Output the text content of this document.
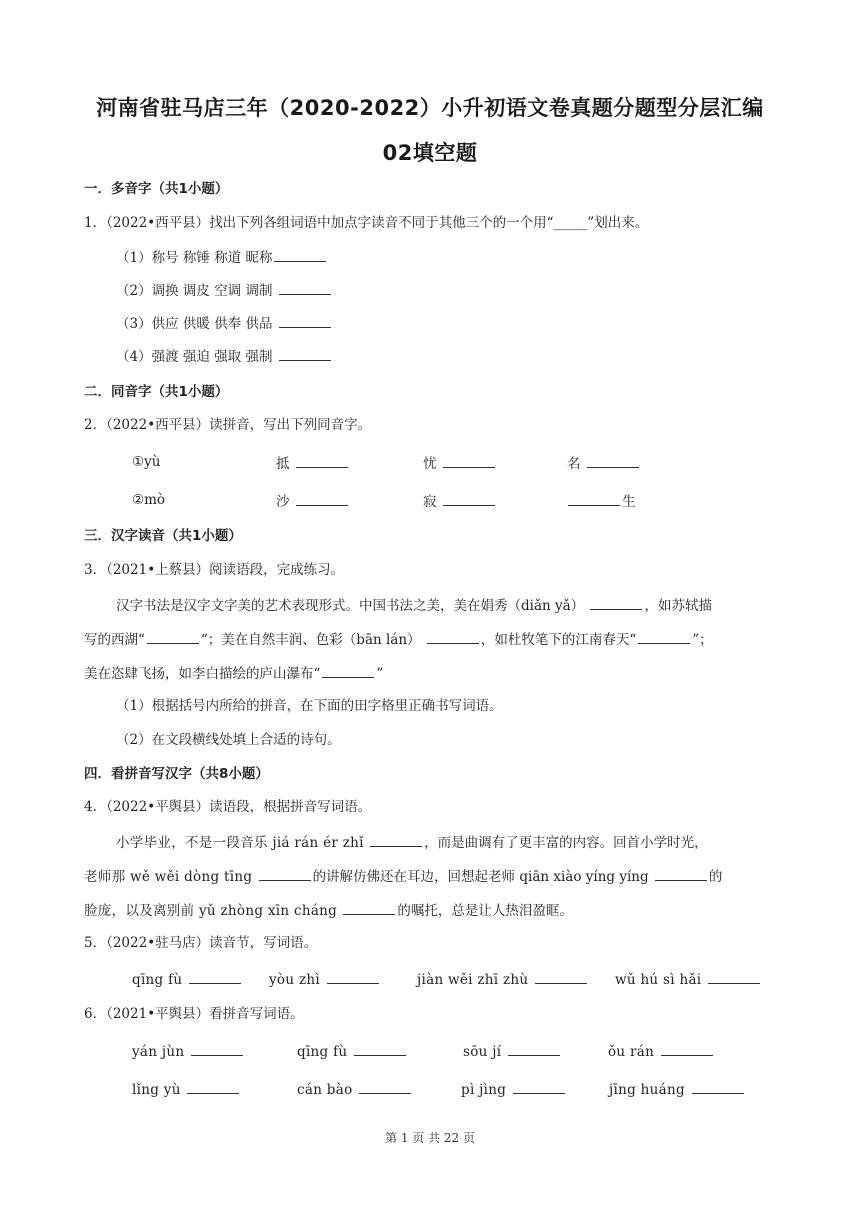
河南省驻马店三年（2020-2022）小升初语文卷真题分题型分层汇编
02填空题
一．多音字（共1小题）
1．（2022•西平县）找出下列各组词语中加点字读音不同于其他三个的一个用“_____”划出来。
（1）称号 称锤 称道 昵称
（2）调换 调皮 空调 调制
（3）供应 供暖 供奉 供品
（4）强渡 强迫 强取 强制
二．同音字（共1小题）
2．（2022•西平县）读拼音，写出下列同音字。
①yù	抵	忧	名
②mò	沙	寂	生
三．汉字读音（共1小题）
3．（2021•上蔡县）阅读语段，完成练习。
汉字书法是汉字文字美的艺术表现形式。中国书法之美，美在娟秀（diǎn yǎ）	，如苏轼描
写的西湖“	“；美在自然丰润、色彩（bān lán）	，如杜牧笔下的江南春天“	”；
美在恣肆飞扬，如李白描绘的庐山瀑布“	”
（1）根据括号内所给的拼音，在下面的田字格里正确书写词语。
（2）在文段横线处填上合适的诗句。
四．看拼音写汉字（共8小题）
4．（2022•平舆县）读语段，根据拼音写词语。
小学毕业，不是一段音乐 jiá rán ér zhǐ	，而是曲调有了更丰富的内容。回首小学时光，
老师那 wě wěi dòng tīng	的讲解仿佛还在耳边，回想起老师 qiān xiào yíng yíng	的
脸庞，以及离别前 yǔ zhòng xīn cháng	的嘱托，总是让人热泪盈眶。
5．（2022•驻马店）读音节，写词语。
qīng fù	yòu zhì	jiàn wěi zhī zhù	wǔ hú sì hǎi
6．（2021•平舆县）看拼音写词语。
yán jùn	qīng fù	sōu jí	ǒu rán
lǐng yù	cán bào	pì jìng	jīng huáng
第 1 页 共 22 页
